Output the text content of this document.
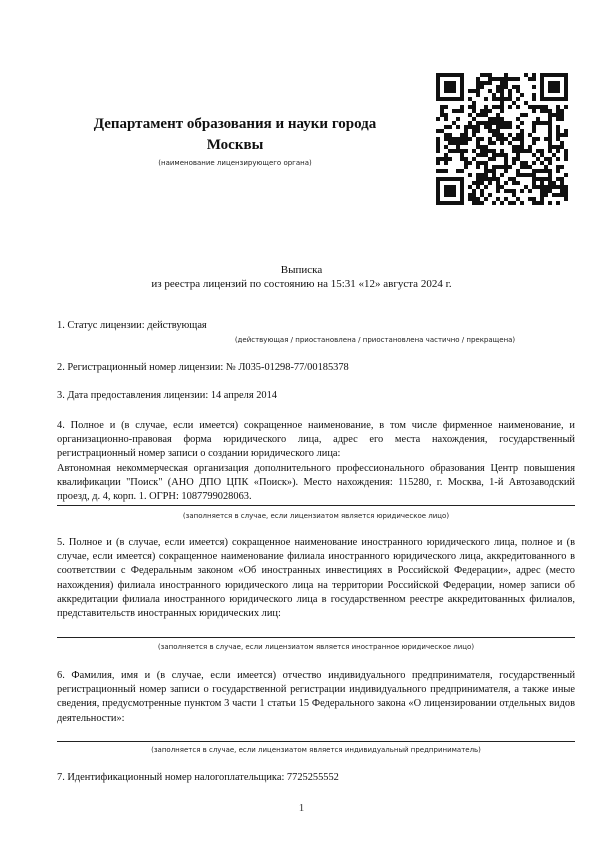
Департамент образования и науки города
Москвы
(наименование лицензирующего органа)
Выписка
из реестра лицензий по состоянию на 15:31 «12» августа 2024 г.
1. Статус лицензии: действующая
(действующая / приостановлена / приостановлена частично / прекращена)
2. Регистрационный номер лицензии: № Л035-01298-77/00185378
3. Дата предоставления лицензии: 14 апреля 2014
4. Полное и (в случае, если имеется) сокращенное наименование, в том числе фирменное наименование, и организационно-правовая форма юридического лица, адрес его места нахождения, государственный регистрационный номер записи о создании юридического лица:
Автономная некоммерческая организация дополнительного профессионального образования Центр повышения квалификации "Поиск" (АНО ДПО ЦПК «Поиск»). Место нахождения: 115280, г. Москва, 1-й Автозаводский проезд, д. 4, корп. 1. ОГРН: 1087799028063.
(заполняется в случае, если лицензиатом является юридическое лицо)
5. Полное и (в случае, если имеется) сокращенное наименование иностранного юридического лица, полное и (в случае, если имеется) сокращенное наименование филиала иностранного юридического лица, аккредитованного в соответствии с Федеральным законом «Об иностранных инвестициях в Российской Федерации», адрес (место нахождения) филиала иностранного юридического лица на территории Российской Федерации, номер записи об аккредитации филиала иностранного юридического лица в государственном реестре аккредитованных филиалов, представительств иностранных юридических лиц:
(заполняется в случае, если лицензиатом является иностранное юридическое лицо)
6. Фамилия, имя и (в случае, если имеется) отчество индивидуального предпринимателя, государственный регистрационный номер записи о государственной регистрации индивидуального предпринимателя, а также иные сведения, предусмотренные пунктом 3 части 1 статьи 15 Федерального закона «О лицензировании отдельных видов деятельности»:
(заполняется в случае, если лицензиатом является индивидуальный предприниматель)
7. Идентификационный номер налогоплательщика: 7725255552
1
